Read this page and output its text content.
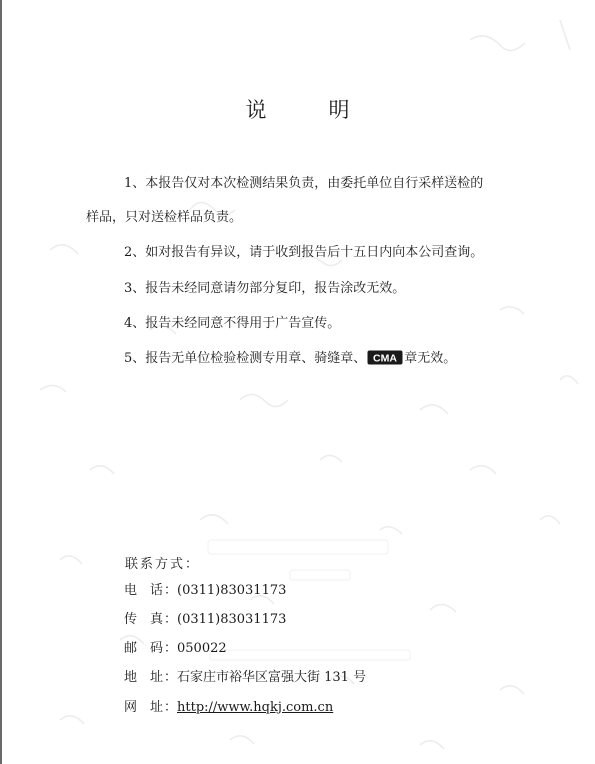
说	明
1、本报告仅对本次检测结果负责，由委托单位自行采样送检的
样品，只对送检样品负责。
2、如对报告有异议，请于收到报告后十五日内向本公司查询。
3、报告未经同意请勿部分复印，报告涂改无效。
4、报告未经同意不得用于广告宣传。
5、报告无单位检验检测专用章、骑缝章、 CMA 章无效。
联系方式：
电 话：(0311)83031173
传 真：(0311)83031173
邮 码：050022
地 址：石家庄市裕华区富强大街 131 号
网 址：http://www.hqkj.com.cn
